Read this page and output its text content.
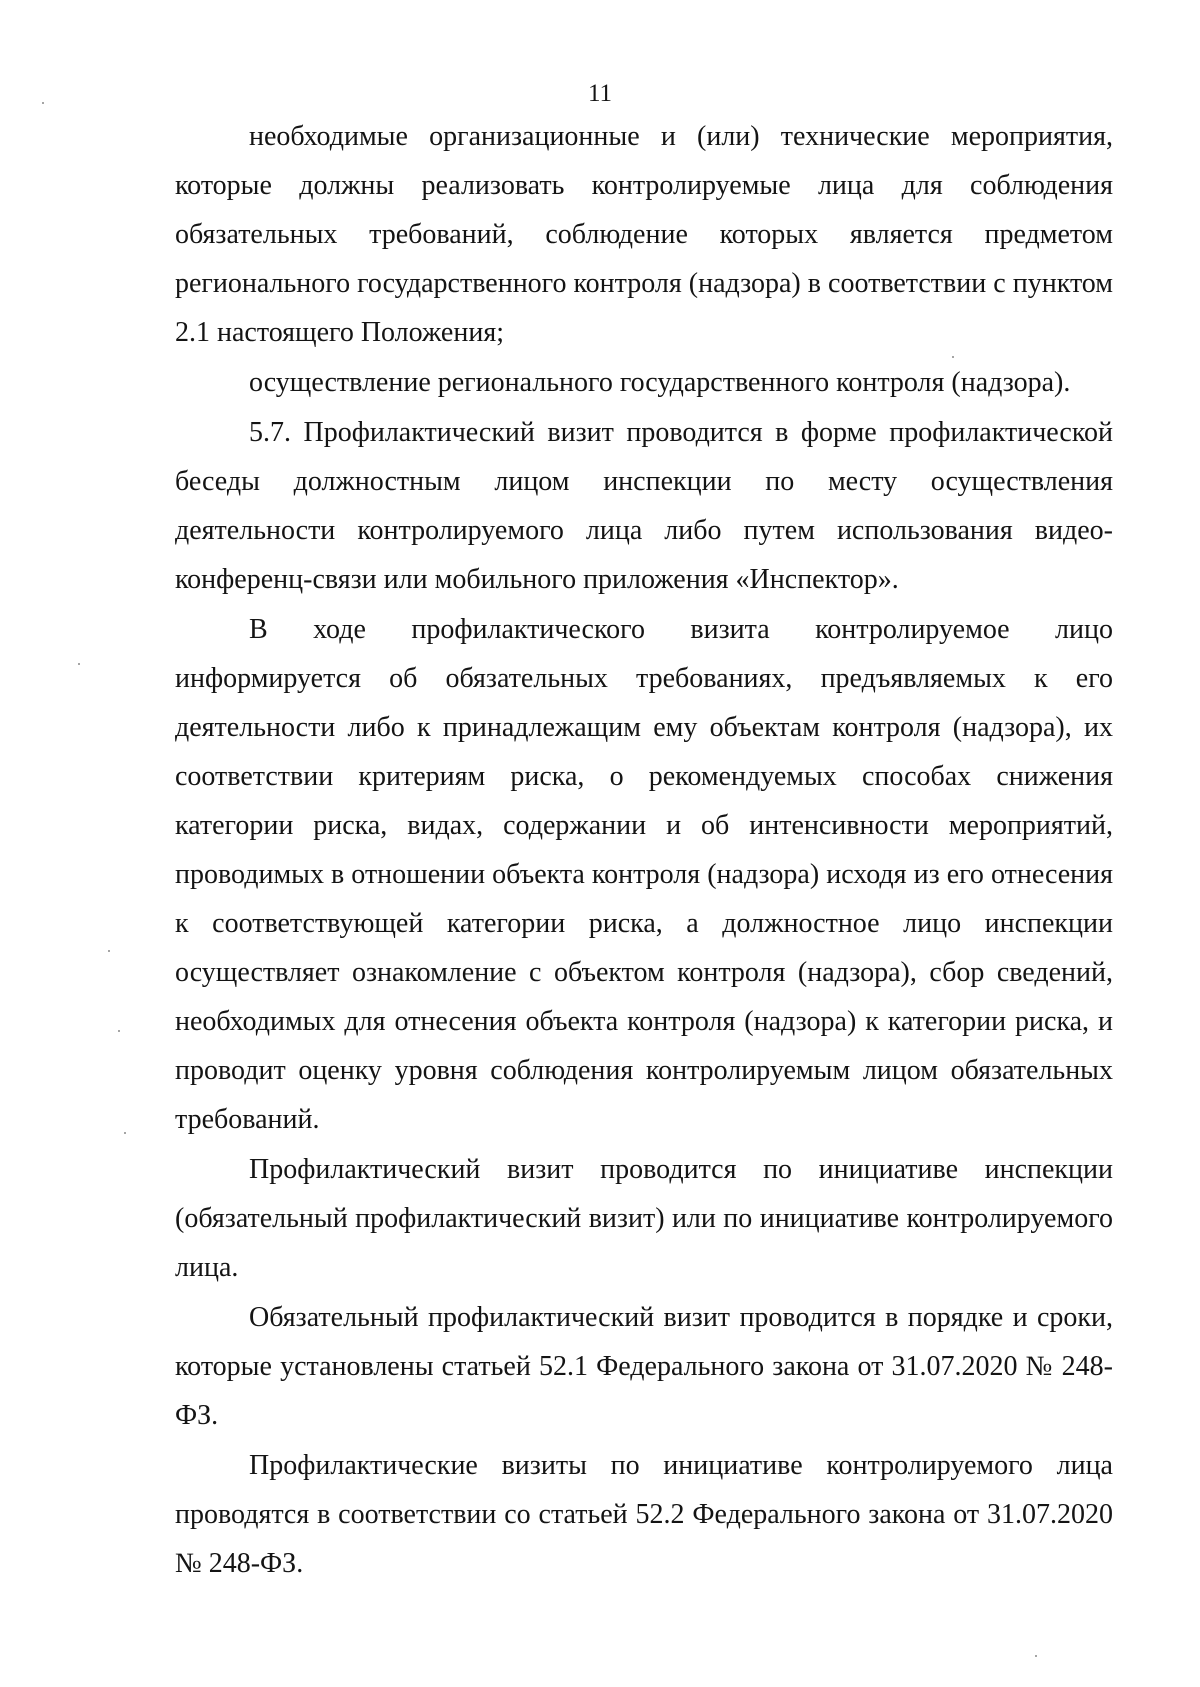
11

необходимые организационные и (или) технические мероприятия, которые должны реализовать контролируемые лица для соблюдения обязательных требований, соблюдение которых является предметом регионального государственного контроля (надзора) в соответствии с пунктом 2.1 настоящего Положения;

осуществление регионального государственного контроля (надзора).

5.7. Профилактический визит проводится в форме профилактической беседы должностным лицом инспекции по месту осуществления деятельности контролируемого лица либо путем использования видео-конференц-связи или мобильного приложения «Инспектор».

В ходе профилактического визита контролируемое лицо информируется об обязательных требованиях, предъявляемых к его деятельности либо к принадлежащим ему объектам контроля (надзора), их соответствии критериям риска, о рекомендуемых способах снижения категории риска, видах, содержании и об интенсивности мероприятий, проводимых в отношении объекта контроля (надзора) исходя из его отнесения к соответствующей категории риска, а должностное лицо инспекции осуществляет ознакомление с объектом контроля (надзора), сбор сведений, необходимых для отнесения объекта контроля (надзора) к категории риска, и проводит оценку уровня соблюдения контролируемым лицом обязательных требований.

Профилактический визит проводится по инициативе инспекции (обязательный профилактический визит) или по инициативе контролируемого лица.

Обязательный профилактический визит проводится в порядке и сроки, которые установлены статьей 52.1 Федерального закона от 31.07.2020 № 248-ФЗ.

Профилактические визиты по инициативе контролируемого лица проводятся в соответствии со статьей 52.2 Федерального закона от 31.07.2020 № 248-ФЗ.
